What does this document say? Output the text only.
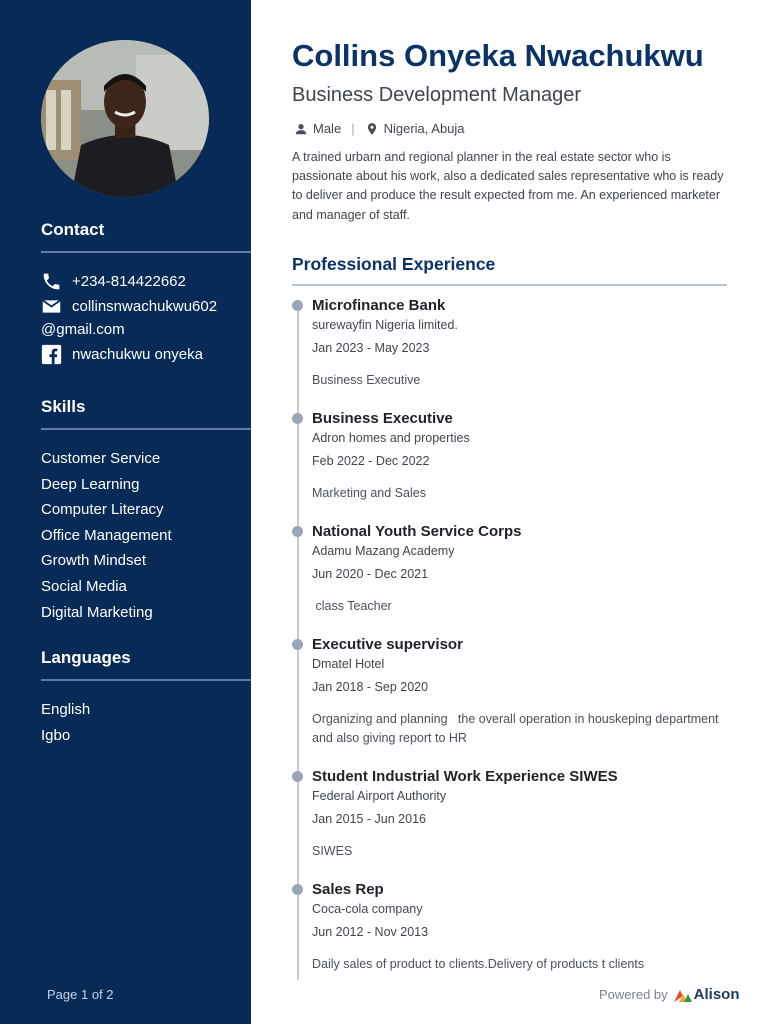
Contact
+234-814422662
collinsnwachukwu602
@gmail.com
nwachukwu onyeka
Skills
Customer Service
Deep Learning
Computer Literacy
Office Management
Growth Mindset
Social Media
Digital Marketing
Languages
English
Igbo
Page 1 of 2
Collins Onyeka Nwachukwu
Business Development Manager
Male | Nigeria, Abuja

A trained urbarn and regional planner in the real estate sector who is passionate about his work, also a dedicated sales representative who is ready to deliver and produce the result expected from me. An experienced marketer and manager of staff.

Professional Experience
Microfinance Bank
surewayfin Nigeria limited.
Jan 2023 - May 2023
Business Executive
Business Executive
Adron homes and properties
Feb 2022 - Dec 2022
Marketing and Sales
National Youth Service Corps
Adamu Mazang Academy
Jun 2020 - Dec 2021
class Teacher
Executive supervisor
Dmatel Hotel
Jan 2018 - Sep 2020
Organizing and planning   the overall operation in houskeping department and also giving report to HR
Student Industrial Work Experience SIWES
Federal Airport Authority
Jan 2015 - Jun 2016
SIWES
Sales Rep
Coca-cola company
Jun 2012 - Nov 2013
Daily sales of product to clients.Delivery of products t clients
Powered by Alison
